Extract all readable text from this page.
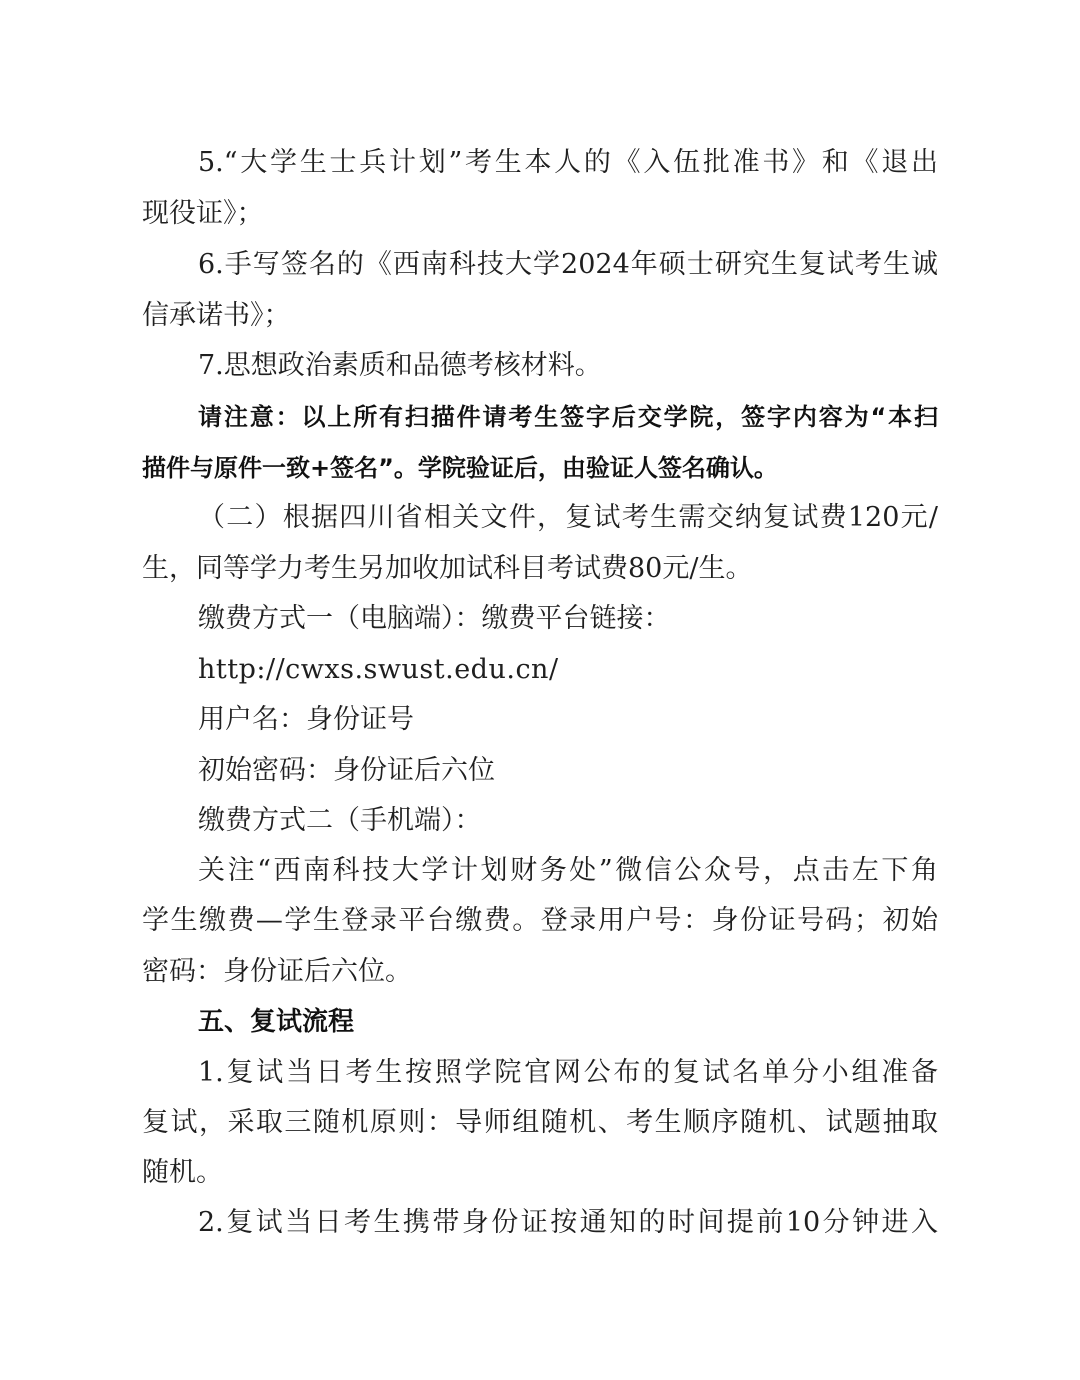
5.“大学生士兵计划”考生本人的《入伍批准书》和《退出
现役证》；
6.手写签名的《西南科技大学2024年硕士研究生复试考生诚
信承诺书》；
7.思想政治素质和品德考核材料。
请注意：以上所有扫描件请考生签字后交学院，签字内容为“本扫
描件与原件一致+签名”。学院验证后，由验证人签名确认。
（二）根据四川省相关文件，复试考生需交纳复试费120元/
生，同等学力考生另加收加试科目考试费80元/生。
缴费方式一（电脑端）：缴费平台链接：
http://cwxs.swust.edu.cn/
用户名：身份证号
初始密码：身份证后六位
缴费方式二（手机端）：
关注“西南科技大学计划财务处”微信公众号，点击左下角
学生缴费—学生登录平台缴费。登录用户号：身份证号码；初始
密码：身份证后六位。
五、复试流程
1.复试当日考生按照学院官网公布的复试名单分小组准备
复试，采取三随机原则：导师组随机、考生顺序随机、试题抽取
随机。
2.复试当日考生携带身份证按通知的时间提前10分钟进入
